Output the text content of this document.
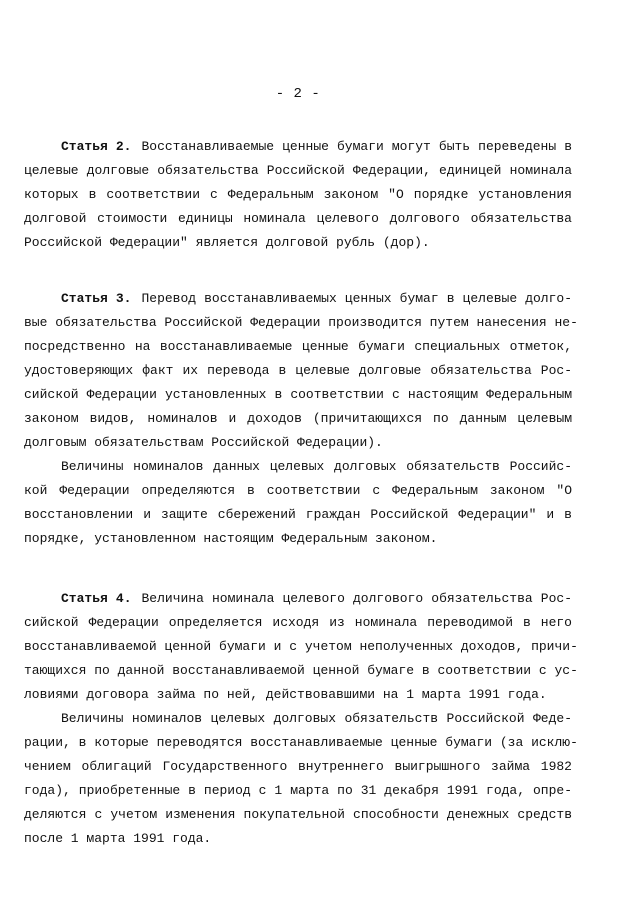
- 2 -
Статья 2. Восстанавливаемые ценные бумаги могут быть переведены в
целевые долговые обязательства Российской Федерации, единицей номинала
которых в соответствии с Федеральным законом "О порядке установления
долговой стоимости единицы номинала целевого долгового обязательства
Российской Федерации" является долговой рубль (дор).
Статья 3. Перевод восстанавливаемых ценных бумаг в целевые долго-
вые обязательства Российской Федерации производится путем нанесения не-
посредственно на восстанавливаемые ценные бумаги специальных отметок,
удостоверяющих факт их перевода в целевые долговые обязательства Рос-
сийской Федерации установленных в соответствии с настоящим Федеральным
законом видов, номиналов и доходов (причитающихся по данным целевым
долговым обязательствам Российской Федерации).
Величины номиналов данных целевых долговых обязательств Российс-
кой Федерации определяются в соответствии с Федеральным законом "О
восстановлении и защите сбережений граждан Российской Федерации" и в
порядке, установленном настоящим Федеральным законом.
Статья 4. Величина номинала целевого долгового обязательства Рос-
сийской Федерации определяется исходя из номинала переводимой в него
восстанавливаемой ценной бумаги и с учетом неполученных доходов, причи-
тающихся по данной восстанавливаемой ценной бумаге в соответствии с ус-
ловиями договора займа по ней, действовавшими на 1 марта 1991 года.
Величины номиналов целевых долговых обязательств Российской Феде-
рации, в которые переводятся восстанавливаемые ценные бумаги (за исклю-
чением облигаций Государственного внутреннего выигрышного займа 1982
года), приобретенные в период с 1 марта по 31 декабря 1991 года, опре-
деляются с учетом изменения покупательной способности денежных средств
после 1 марта 1991 года.
